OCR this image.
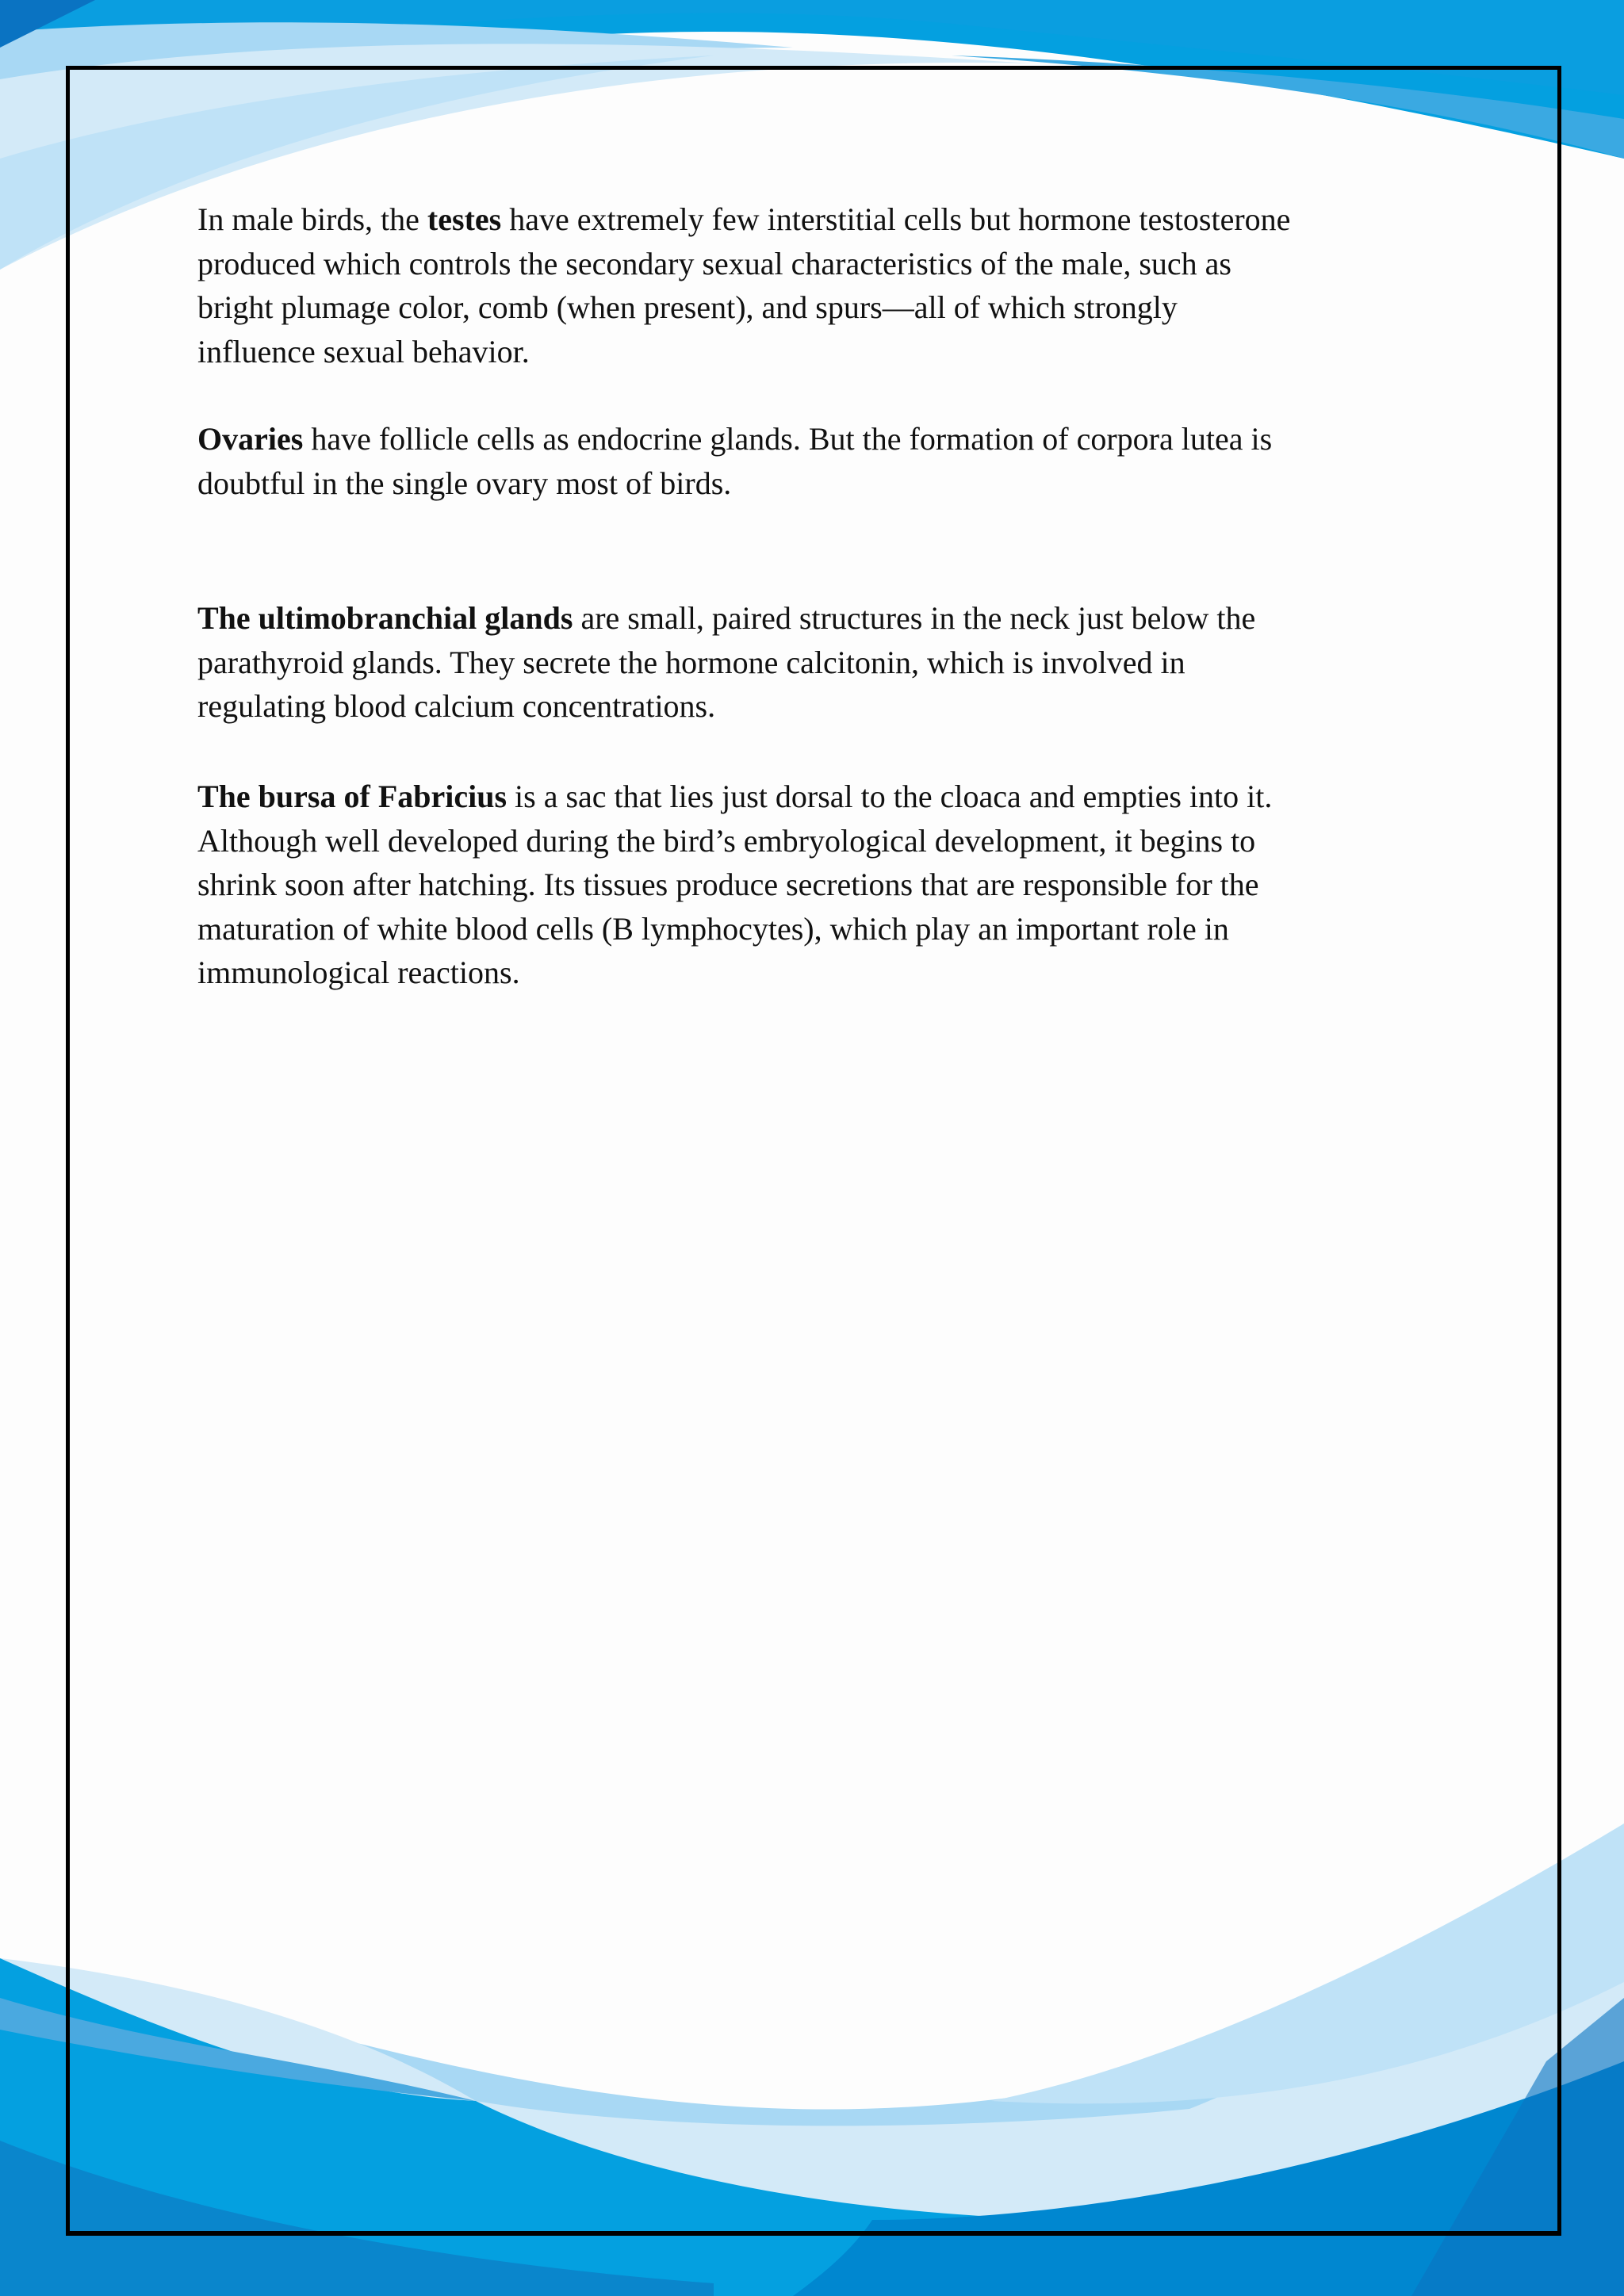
In male birds, the testes have extremely few interstitial cells but hormone testosterone
produced which controls the secondary sexual characteristics of the male, such as
bright plumage color, comb (when present), and spurs—all of which strongly
influence sexual behavior.
Ovaries have follicle cells as endocrine glands. But the formation of corpora lutea is
doubtful in the single ovary most of birds.
The ultimobranchial glands are small, paired structures in the neck just below the
parathyroid glands. They secrete the hormone calcitonin, which is involved in
regulating blood calcium concentrations.
The bursa of Fabricius is a sac that lies just dorsal to the cloaca and empties into it.
Although well developed during the bird’s embryological development, it begins to
shrink soon after hatching. Its tissues produce secretions that are responsible for the
maturation of white blood cells (B lymphocytes), which play an important role in
immunological reactions.
